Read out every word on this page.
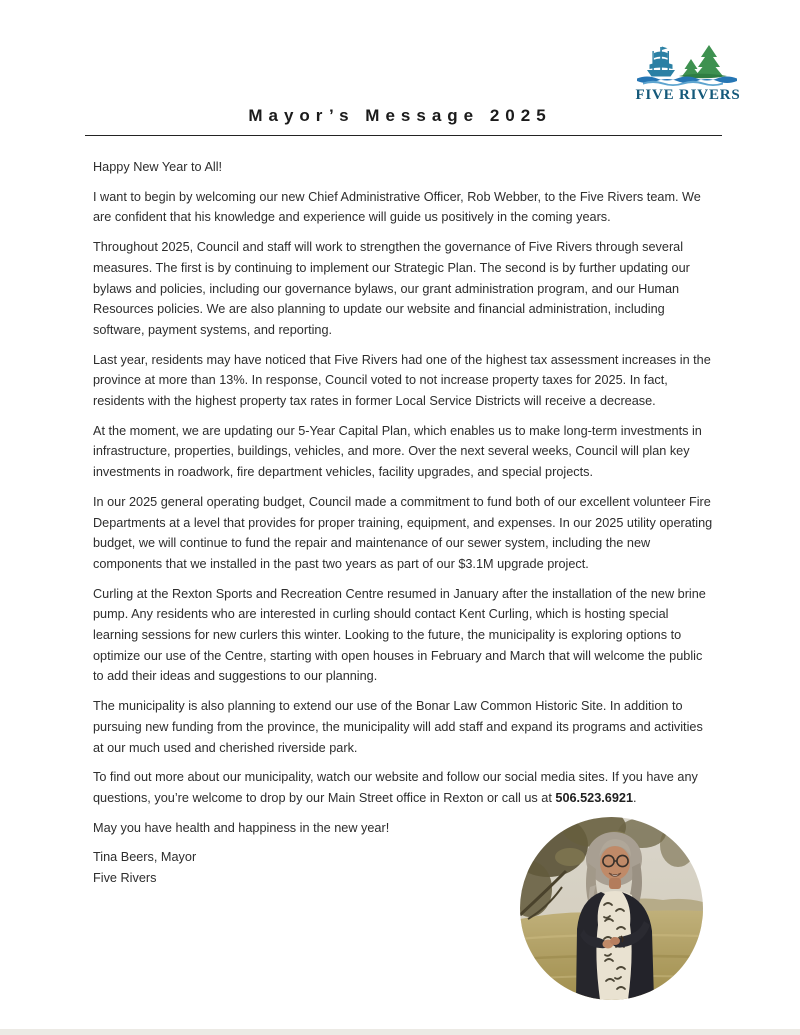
FIVE RIVERS
Mayor’s Message 2025

Happy New Year to All!

I want to begin by welcoming our new Chief Administrative Officer, Rob Webber, to the Five Rivers team. We are confident that his knowledge and experience will guide us positively in the coming years.

Throughout 2025, Council and staff will work to strengthen the governance of Five Rivers through several measures. The first is by continuing to implement our Strategic Plan. The second is by further updating our bylaws and policies, including our governance bylaws, our grant administration program, and our Human Resources policies. We are also planning to update our website and financial administration, including software, payment systems, and reporting.

Last year, residents may have noticed that Five Rivers had one of the highest tax assessment increases in the province at more than 13%. In response, Council voted to not increase property taxes for 2025. In fact, residents with the highest property tax rates in former Local Service Districts will receive a decrease.

At the moment, we are updating our 5-Year Capital Plan, which enables us to make long-term investments in infrastructure, properties, buildings, vehicles, and more. Over the next several weeks, Council will plan key investments in roadwork, fire department vehicles, facility upgrades, and special projects.

In our 2025 general operating budget, Council made a commitment to fund both of our excellent volunteer Fire Departments at a level that provides for proper training, equipment, and expenses. In our 2025 utility operating budget, we will continue to fund the repair and maintenance of our sewer system, including the new components that we installed in the past two years as part of our $3.1M upgrade project.

Curling at the Rexton Sports and Recreation Centre resumed in January after the installation of the new brine pump. Any residents who are interested in curling should contact Kent Curling, which is hosting special learning sessions for new curlers this winter. Looking to the future, the municipality is exploring options to optimize our use of the Centre, starting with open houses in February and March that will welcome the public to add their ideas and suggestions to our planning.

The municipality is also planning to extend our use of the Bonar Law Common Historic Site. In addition to pursuing new funding from the province, the municipality will add staff and expand its programs and activities at our much used and cherished riverside park.

To find out more about our municipality, watch our website and follow our social media sites. If you have any questions, you’re welcome to drop by our Main Street office in Rexton or call us at 506.523.6921.

May you have health and happiness in the new year!

Tina Beers, Mayor
Five Rivers
